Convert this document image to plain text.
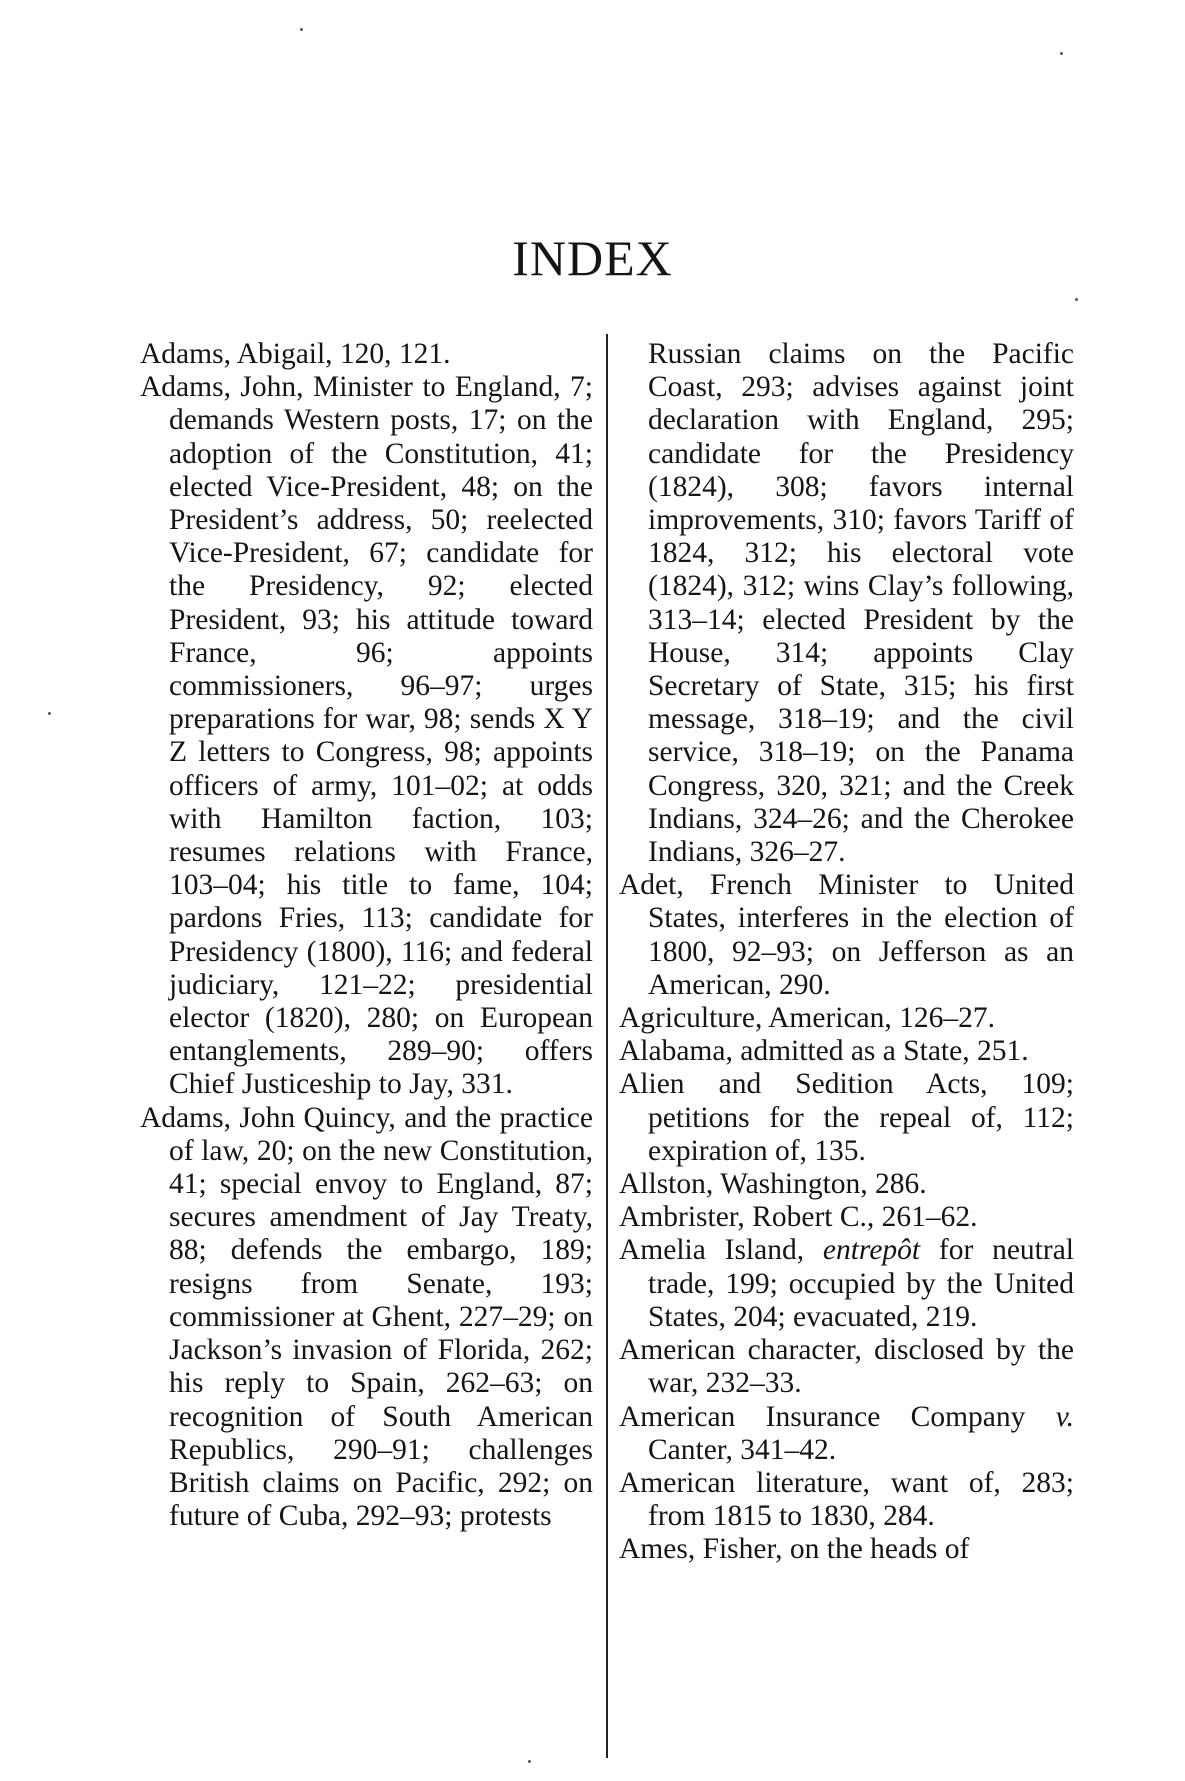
INDEX

Adams, Abigail, 120, 121.

Adams, John, Minister to England, 7; demands Western posts, 17; on the adoption of the Constitution, 41; elected Vice-President, 48; on the President’s address, 50; reelected Vice-President, 67; candidate for the Presidency, 92; elected President, 93; his attitude toward France, 96; appoints commissioners, 96–97; urges preparations for war, 98; sends X Y Z letters to Congress, 98; appoints officers of army, 101–02; at odds with Hamilton faction, 103; resumes relations with France, 103–04; his title to fame, 104; pardons Fries, 113; candidate for Presidency (1800), 116; and federal judiciary, 121–22; presidential elector (1820), 280; on European entanglements, 289–90; offers Chief Justiceship to Jay, 331.

Adams, John Quincy, and the practice of law, 20; on the new Constitution, 41; special envoy to England, 87; secures amendment of Jay Treaty, 88; defends the embargo, 189; resigns from Senate, 193; commissioner at Ghent, 227–29; on Jackson’s invasion of Florida, 262; his reply to Spain, 262–63; on recognition of South American Republics, 290–91; challenges British claims on Pacific, 292; on future of Cuba, 292–93; protests

Russian claims on the Pacific Coast, 293; advises against joint declaration with England, 295; candidate for the Presidency (1824), 308; favors internal improvements, 310; favors Tariff of 1824, 312; his electoral vote (1824), 312; wins Clay’s following, 313–14; elected President by the House, 314; appoints Clay Secretary of State, 315; his first message, 318–19; and the civil service, 318–19; on the Panama Congress, 320, 321; and the Creek Indians, 324–26; and the Cherokee Indians, 326–27.

Adet, French Minister to United States, interferes in the election of 1800, 92–93; on Jefferson as an American, 290.

Agriculture, American, 126–27.

Alabama, admitted as a State, 251.

Alien and Sedition Acts, 109; petitions for the repeal of, 112; expiration of, 135.

Allston, Washington, 286.

Ambrister, Robert C., 261–62.

Amelia Island, entrepôt for neutral trade, 199; occupied by the United States, 204; evacuated, 219.

American character, disclosed by the war, 232–33.

American Insurance Company v. Canter, 341–42.

American literature, want of, 283; from 1815 to 1830, 284.

Ames, Fisher, on the heads of
